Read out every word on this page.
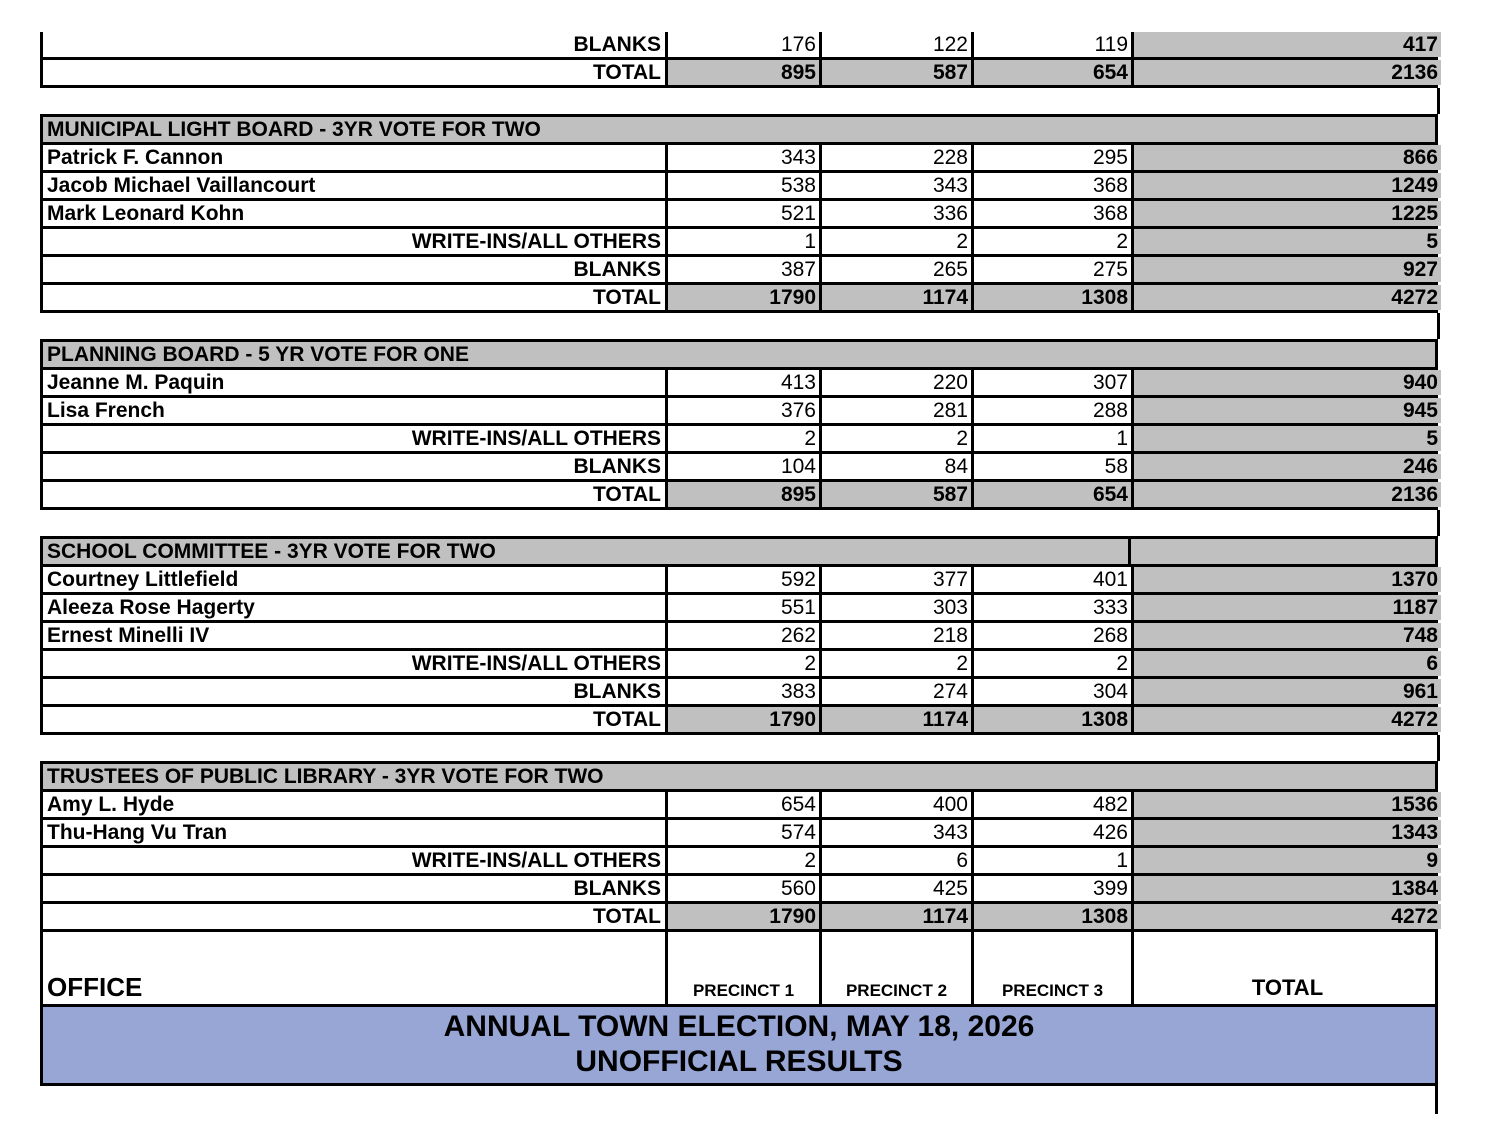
BLANKS	176	122	119	417
TOTAL	895	587	654	2136
MUNICIPAL LIGHT BOARD - 3YR VOTE FOR TWO
Patrick F. Cannon	343	228	295	866
Jacob Michael Vaillancourt	538	343	368	1249
Mark Leonard Kohn	521	336	368	1225
WRITE-INS/ALL OTHERS	1	2	2	5
BLANKS	387	265	275	927
TOTAL	1790	1174	1308	4272
PLANNING BOARD - 5 YR VOTE FOR ONE
Jeanne M. Paquin	413	220	307	940
Lisa French	376	281	288	945
WRITE-INS/ALL OTHERS	2	2	1	5
BLANKS	104	84	58	246
TOTAL	895	587	654	2136
SCHOOL COMMITTEE - 3YR VOTE FOR TWO
Courtney Littlefield	592	377	401	1370
Aleeza Rose Hagerty	551	303	333	1187
Ernest Minelli IV	262	218	268	748
WRITE-INS/ALL OTHERS	2	2	2	6
BLANKS	383	274	304	961
TOTAL	1790	1174	1308	4272
TRUSTEES OF PUBLIC LIBRARY - 3YR VOTE FOR TWO
Amy L. Hyde	654	400	482	1536
Thu-Hang Vu Tran	574	343	426	1343
WRITE-INS/ALL OTHERS	2	6	1	9
BLANKS	560	425	399	1384
TOTAL	1790	1174	1308	4272
OFFICE	PRECINCT 1	PRECINCT 2	PRECINCT 3	TOTAL
ANNUAL TOWN ELECTION, MAY 18, 2026
UNOFFICIAL RESULTS
